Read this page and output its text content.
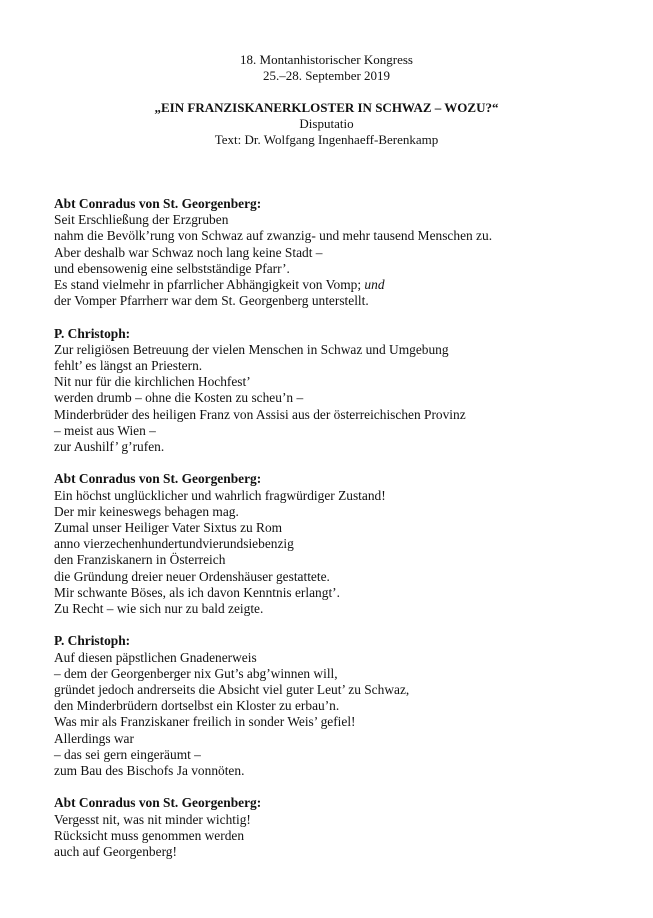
18. Montanhistorischer Kongress
25.–28. September 2019
„EIN FRANZISKANERKLOSTER IN SCHWAZ – WOZU?“
Disputatio
Text: Dr. Wolfgang Ingenhaeff-Berenkamp
Abt Conradus von St. Georgenberg:
Seit Erschließung der Erzgruben
nahm die Bevölk’rung von Schwaz auf zwanzig- und mehr tausend Menschen zu.
Aber deshalb war Schwaz noch lang keine Stadt –
und ebensowenig eine selbstständige Pfarr’.
Es stand vielmehr in pfarrlicher Abhängigkeit von Vomp; und
der Vomper Pfarrherr war dem St. Georgenberg unterstellt.
P. Christoph:
Zur religiösen Betreuung der vielen Menschen in Schwaz und Umgebung
fehlt’ es längst an Priestern.
Nit nur für die kirchlichen Hochfest’
werden drumb – ohne die Kosten zu scheu’n –
Minderbrüder des heiligen Franz von Assisi aus der österreichischen Provinz
– meist aus Wien –
zur Aushilf’ g’rufen.
Abt Conradus von St. Georgenberg:
Ein höchst unglücklicher und wahrlich fragwürdiger Zustand!
Der mir keineswegs behagen mag.
Zumal unser Heiliger Vater Sixtus zu Rom
anno vierzechenhundertundvierundsiebenzig
den Franziskanern in Österreich
die Gründung dreier neuer Ordenshäuser gestattete.
Mir schwante Böses, als ich davon Kenntnis erlangt’.
Zu Recht – wie sich nur zu bald zeigte.
P. Christoph:
Auf diesen päpstlichen Gnadenerweis
– dem der Georgenberger nix Gut’s abg’winnen will,
gründet jedoch andrerseits die Absicht viel guter Leut’ zu Schwaz,
den Minderbrüdern dortselbst ein Kloster zu erbau’n.
Was mir als Franziskaner freilich in sonder Weis’ gefiel!
Allerdings war
– das sei gern eingeräumt –
zum Bau des Bischofs Ja vonnöten.
Abt Conradus von St. Georgenberg:
Vergesst nit, was nit minder wichtig!
Rücksicht muss genommen werden
auch auf Georgenberg!
